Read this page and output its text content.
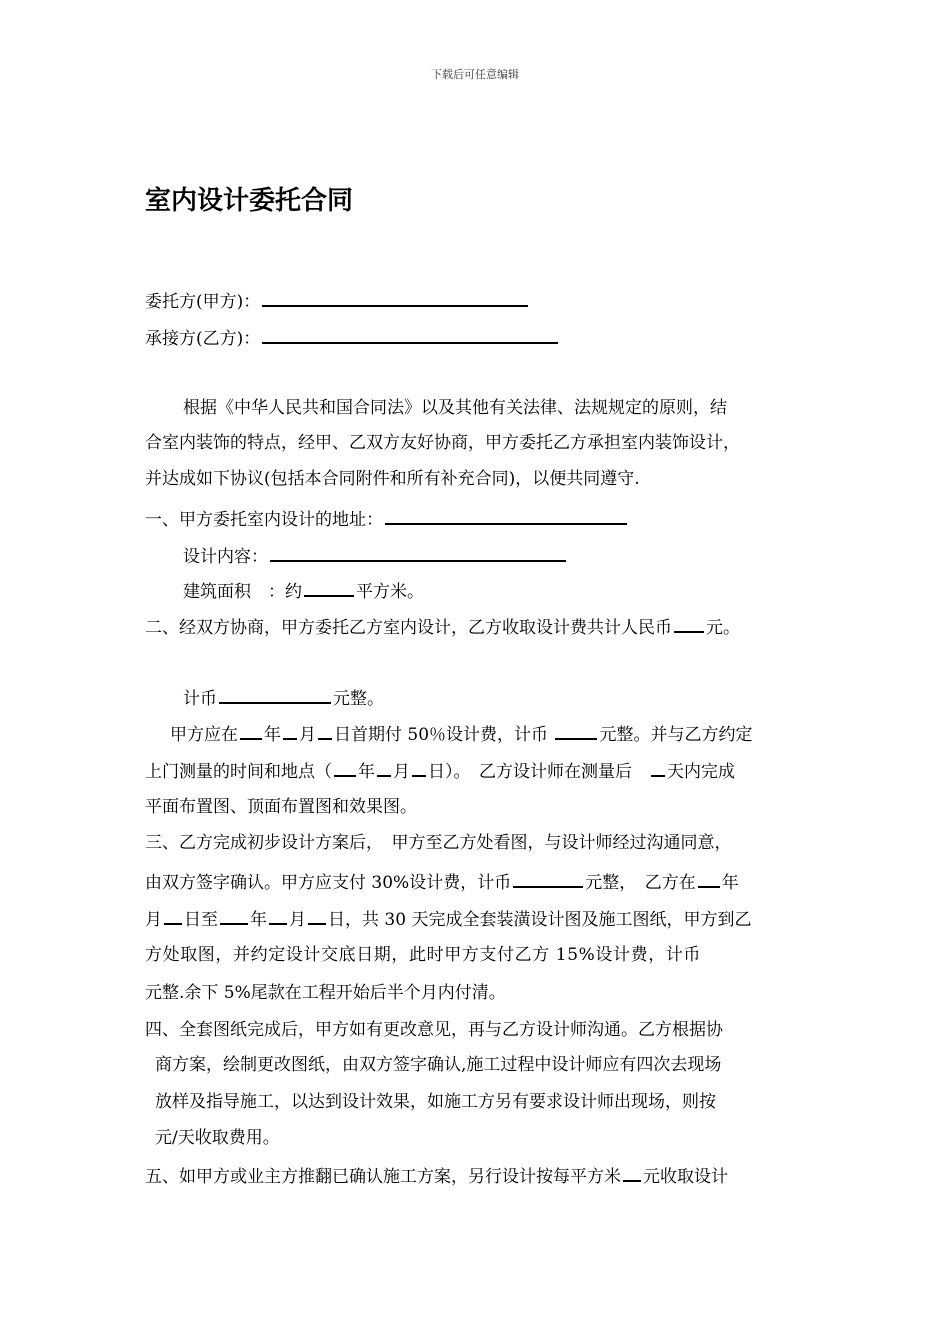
下载后可任意编辑
室内设计委托合同
委托方(甲方)：
承接方(乙方)：
根据《中华人民共和国合同法》以及其他有关法律、法规规定的原则，结
合室内装饰的特点，经甲、乙双方友好协商，甲方委托乙方承担室内装饰设计，
并达成如下协议(包括本合同附件和所有补充合同)，以便共同遵守.
一、甲方委托室内设计的地址：
设计内容：
建筑面积　：约	平方米。
二、经双方协商，甲方委托乙方室内设计，乙方收取设计费共计人民币 元。
计币	元整。
甲方应在 年 月 日首期付 50％设计费，计币	元整。并与乙方约定
上门测量的时间和地点（ 年 月 日）。　乙方设计师在测量后　天内完成
平面布置图、顶面布置图和效果图。
三、乙方完成初步设计方案后，　甲方至乙方处看图，与设计师经过沟通同意，
由双方签字确认。甲方应支付 30%设计费，计币	元整，　乙方在 年
月 日至 年 月 日，共 30 天完成全套装潢设计图及施工图纸，甲方到乙
方处取图，并约定设计交底日期，此时甲方支付乙方 15%设计费，计币
元整.余下 5%尾款在工程开始后半个月内付清。
四、全套图纸完成后，甲方如有更改意见，再与乙方设计师沟通。乙方根据协
商方案，绘制更改图纸，由双方签字确认,施工过程中设计师应有四次去现场
放样及指导施工，以达到设计效果，如施工方另有要求设计师出现场，则按
元/天收取费用。
五、如甲方或业主方推翻已确认施工方案，另行设计按每平方米 元收取设计
